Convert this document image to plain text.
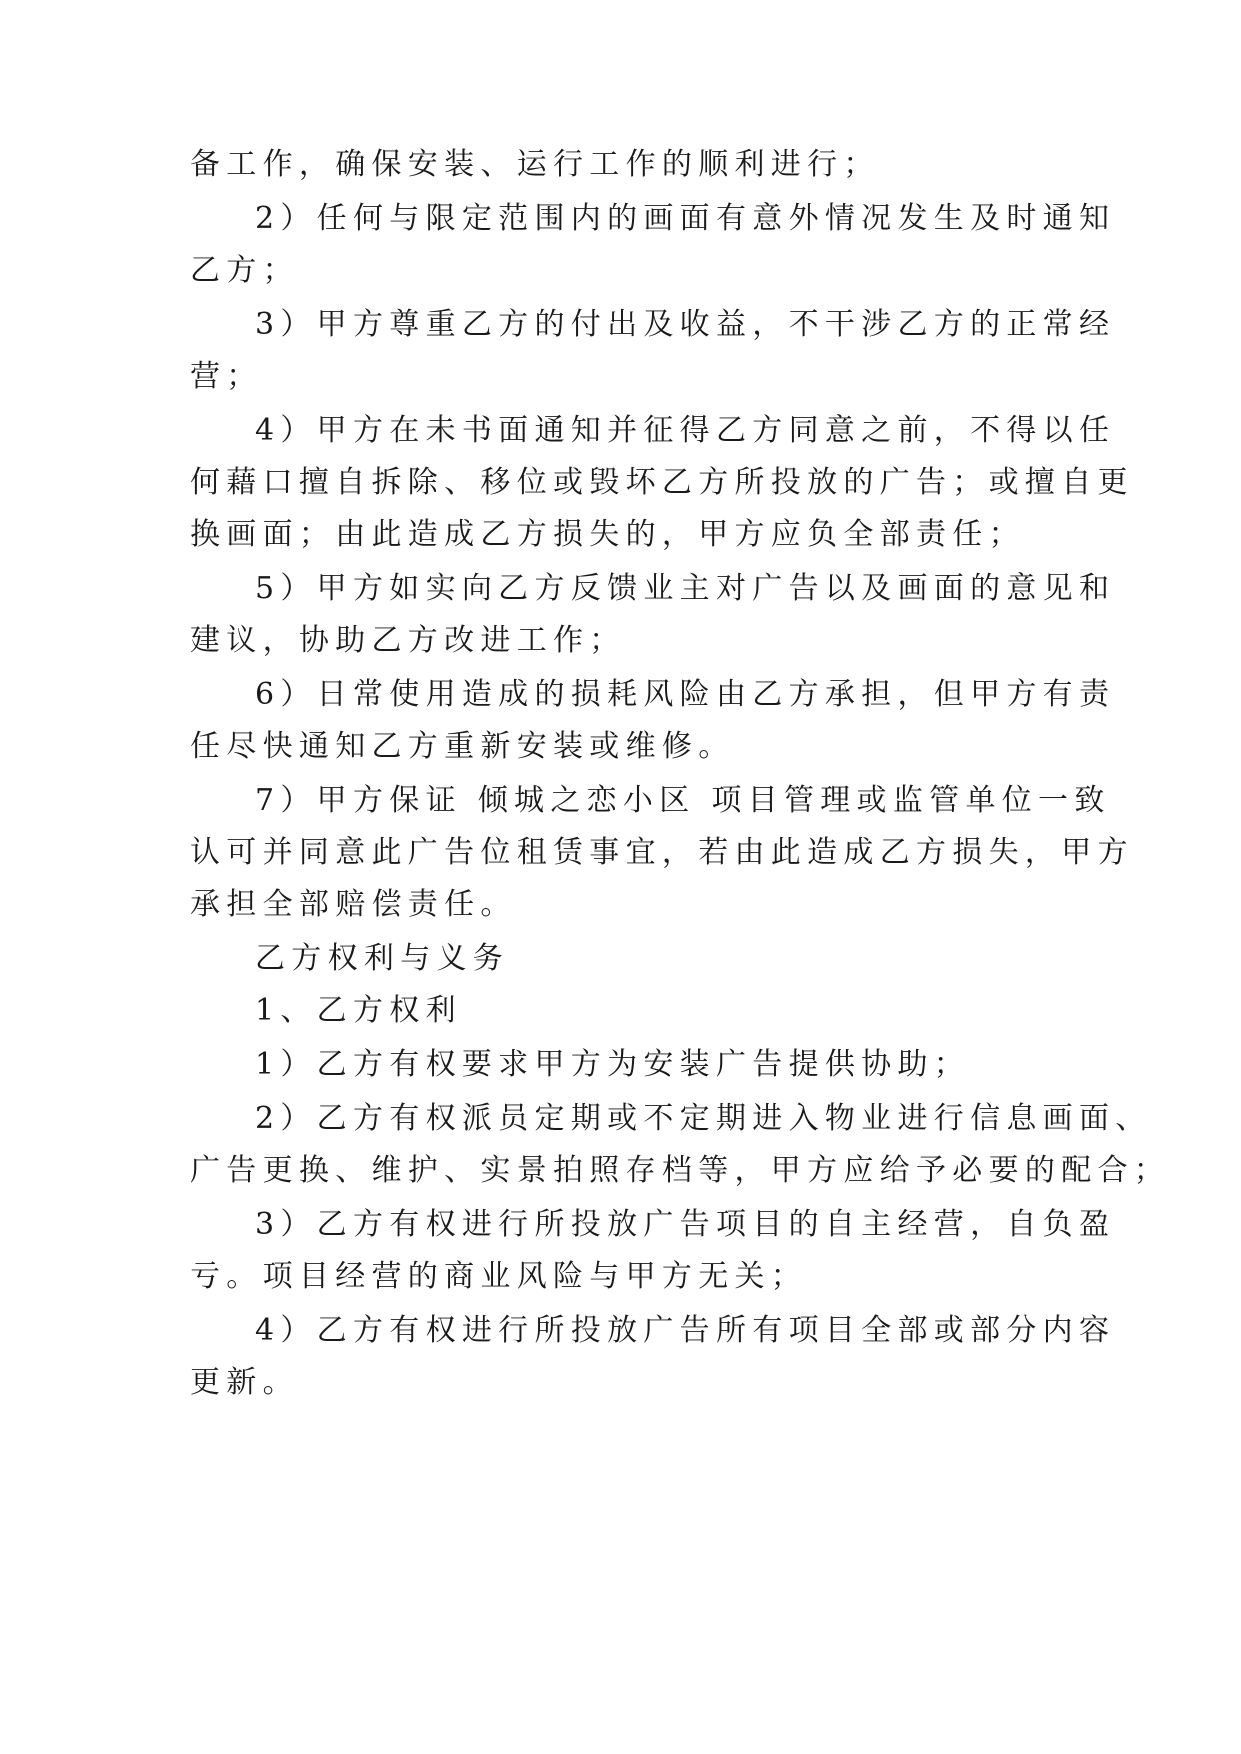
备工作，确保安装、运行工作的顺利进行；
2）任何与限定范围内的画面有意外情况发生及时通知
乙方；
3）甲方尊重乙方的付出及收益，不干涉乙方的正常经
营；
4）甲方在未书面通知并征得乙方同意之前，不得以任
何藉口擅自拆除、移位或毁坏乙方所投放的广告；或擅自更
换画面；由此造成乙方损失的，甲方应负全部责任；
5）甲方如实向乙方反馈业主对广告以及画面的意见和
建议，协助乙方改进工作；
6）日常使用造成的损耗风险由乙方承担，但甲方有责
任尽快通知乙方重新安装或维修。
7）甲方保证 倾城之恋小区 项目管理或监管单位一致
认可并同意此广告位租赁事宜，若由此造成乙方损失，甲方
承担全部赔偿责任。
乙方权利与义务
1、乙方权利
1）乙方有权要求甲方为安装广告提供协助；
2）乙方有权派员定期或不定期进入物业进行信息画面、
广告更换、维护、实景拍照存档等，甲方应给予必要的配合；
3）乙方有权进行所投放广告项目的自主经营，自负盈
亏。项目经营的商业风险与甲方无关；
4）乙方有权进行所投放广告所有项目全部或部分内容
更新。
